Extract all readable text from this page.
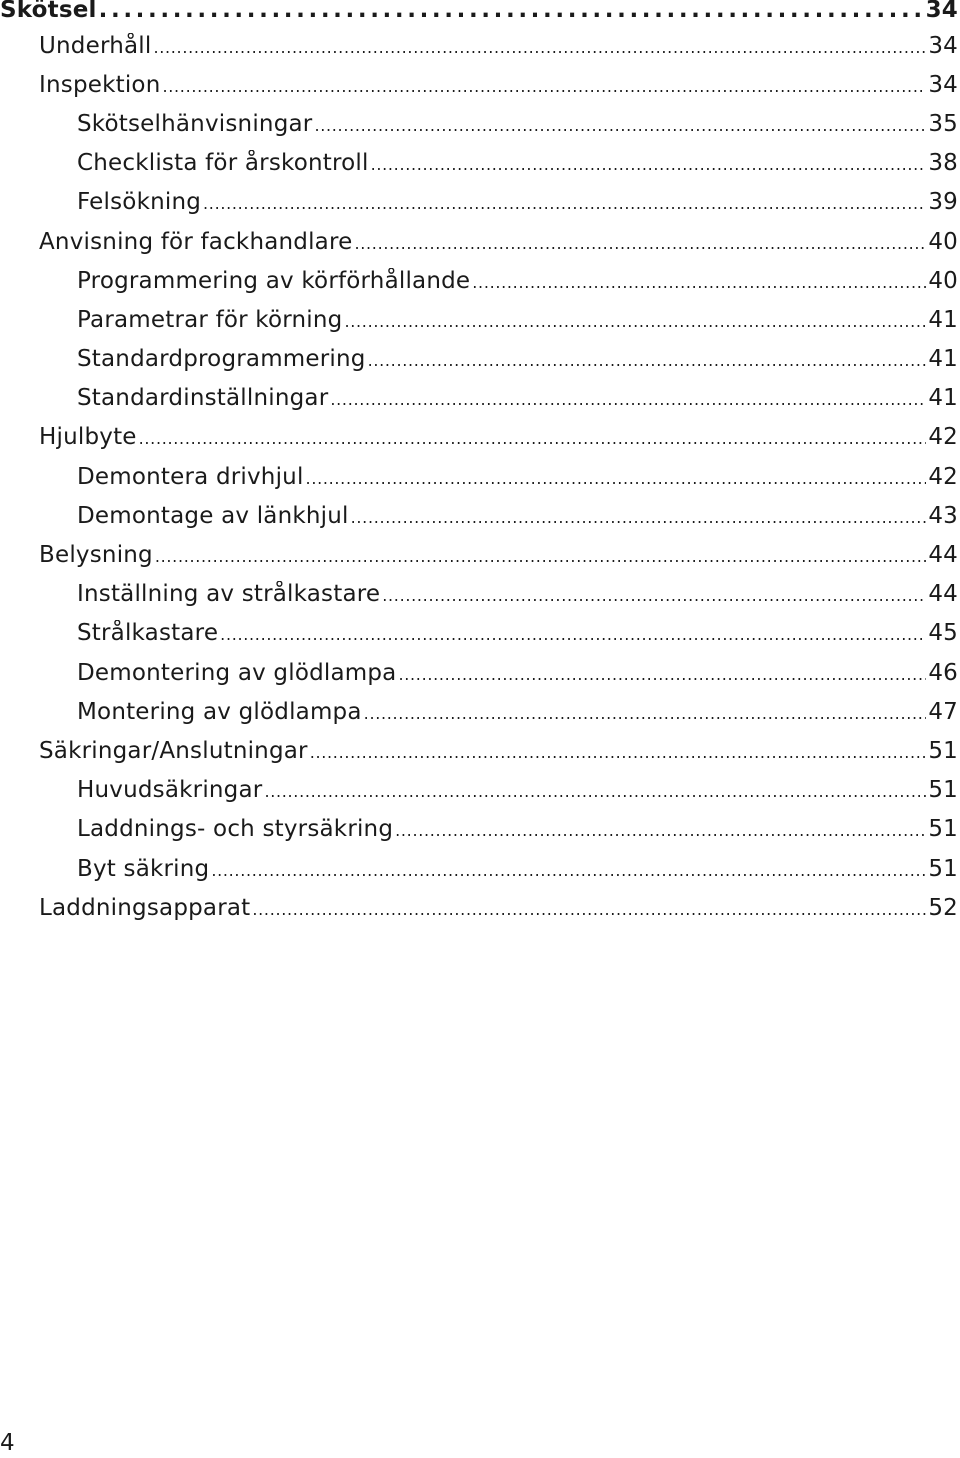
Skötsel . . .	34
Underhåll . . .	34
Inspektion . . .	34
Skötselhänvisningar . . .	35
Checklista för årskontroll . . .	38
Felsökning . . .	39
Anvisning för fackhandlare . . .	40
Programmering av körförhållande . . .	40
Parametrar för körning . . .	41
Standardprogrammering . . .	41
Standardinställningar . . .	41
Hjulbyte . . .	42
Demontera drivhjul . . .	42
Demontage av länkhjul . . .	43
Belysning . . .	44
Inställning av strålkastare . . .	44
Strålkastare . . .	45
Demontering av glödlampa . . .	46
Montering av glödlampa . . .	47
Säkringar/Anslutningar . . .	51
Huvudsäkringar . . .	51
Laddnings- och styrsäkring . . .	51
Byt säkring . . .	51
Laddningsapparat . . .	52
4
